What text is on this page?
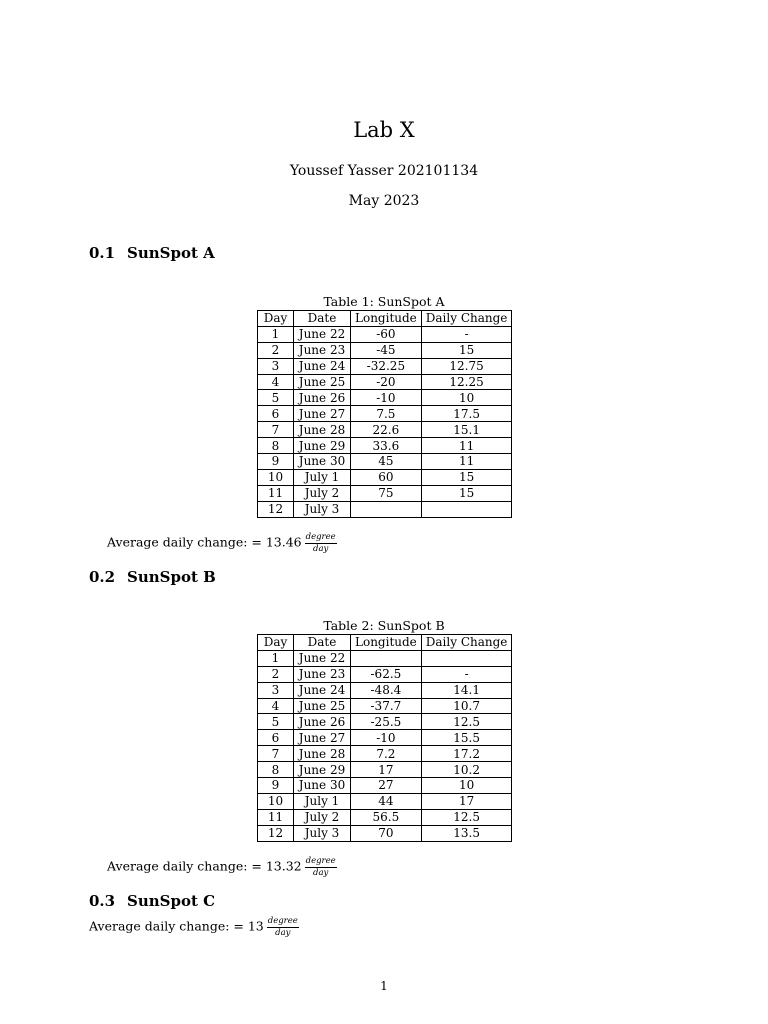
Lab X
Youssef Yasser 202101134
May 2023
0.1 SunSpot A
Table 1: SunSpot A
Day	Date	Longitude	Daily Change
1	June 22	-60	-
2	June 23	-45	15
3	June 24	-32.25	12.75
4	June 25	-20	12.25
5	June 26	-10	10
6	June 27	7.5	17.5
7	June 28	22.6	15.1
8	June 29	33.6	11
9	June 30	45	11
10	July 1	60	15
11	July 2	75	15
12	July 3		
Average daily change: = $13.46 \frac{\text{degree}}{\text{day}}$
0.2 SunSpot B
Table 2: SunSpot B
Day	Date	Longitude	Daily Change
1	June 22		
2	June 23	-62.5	-
3	June 24	-48.4	14.1
4	June 25	-37.7	10.7
5	June 26	-25.5	12.5
6	June 27	-10	15.5
7	June 28	7.2	17.2
8	June 29	17	10.2
9	June 30	27	10
10	July 1	44	17
11	July 2	56.5	12.5
12	July 3	70	13.5
Average daily change: = $13.32 \frac{\text{degree}}{\text{day}}$
0.3 SunSpot C
Average daily change: = $13 \frac{\text{degree}}{\text{day}}$
1
